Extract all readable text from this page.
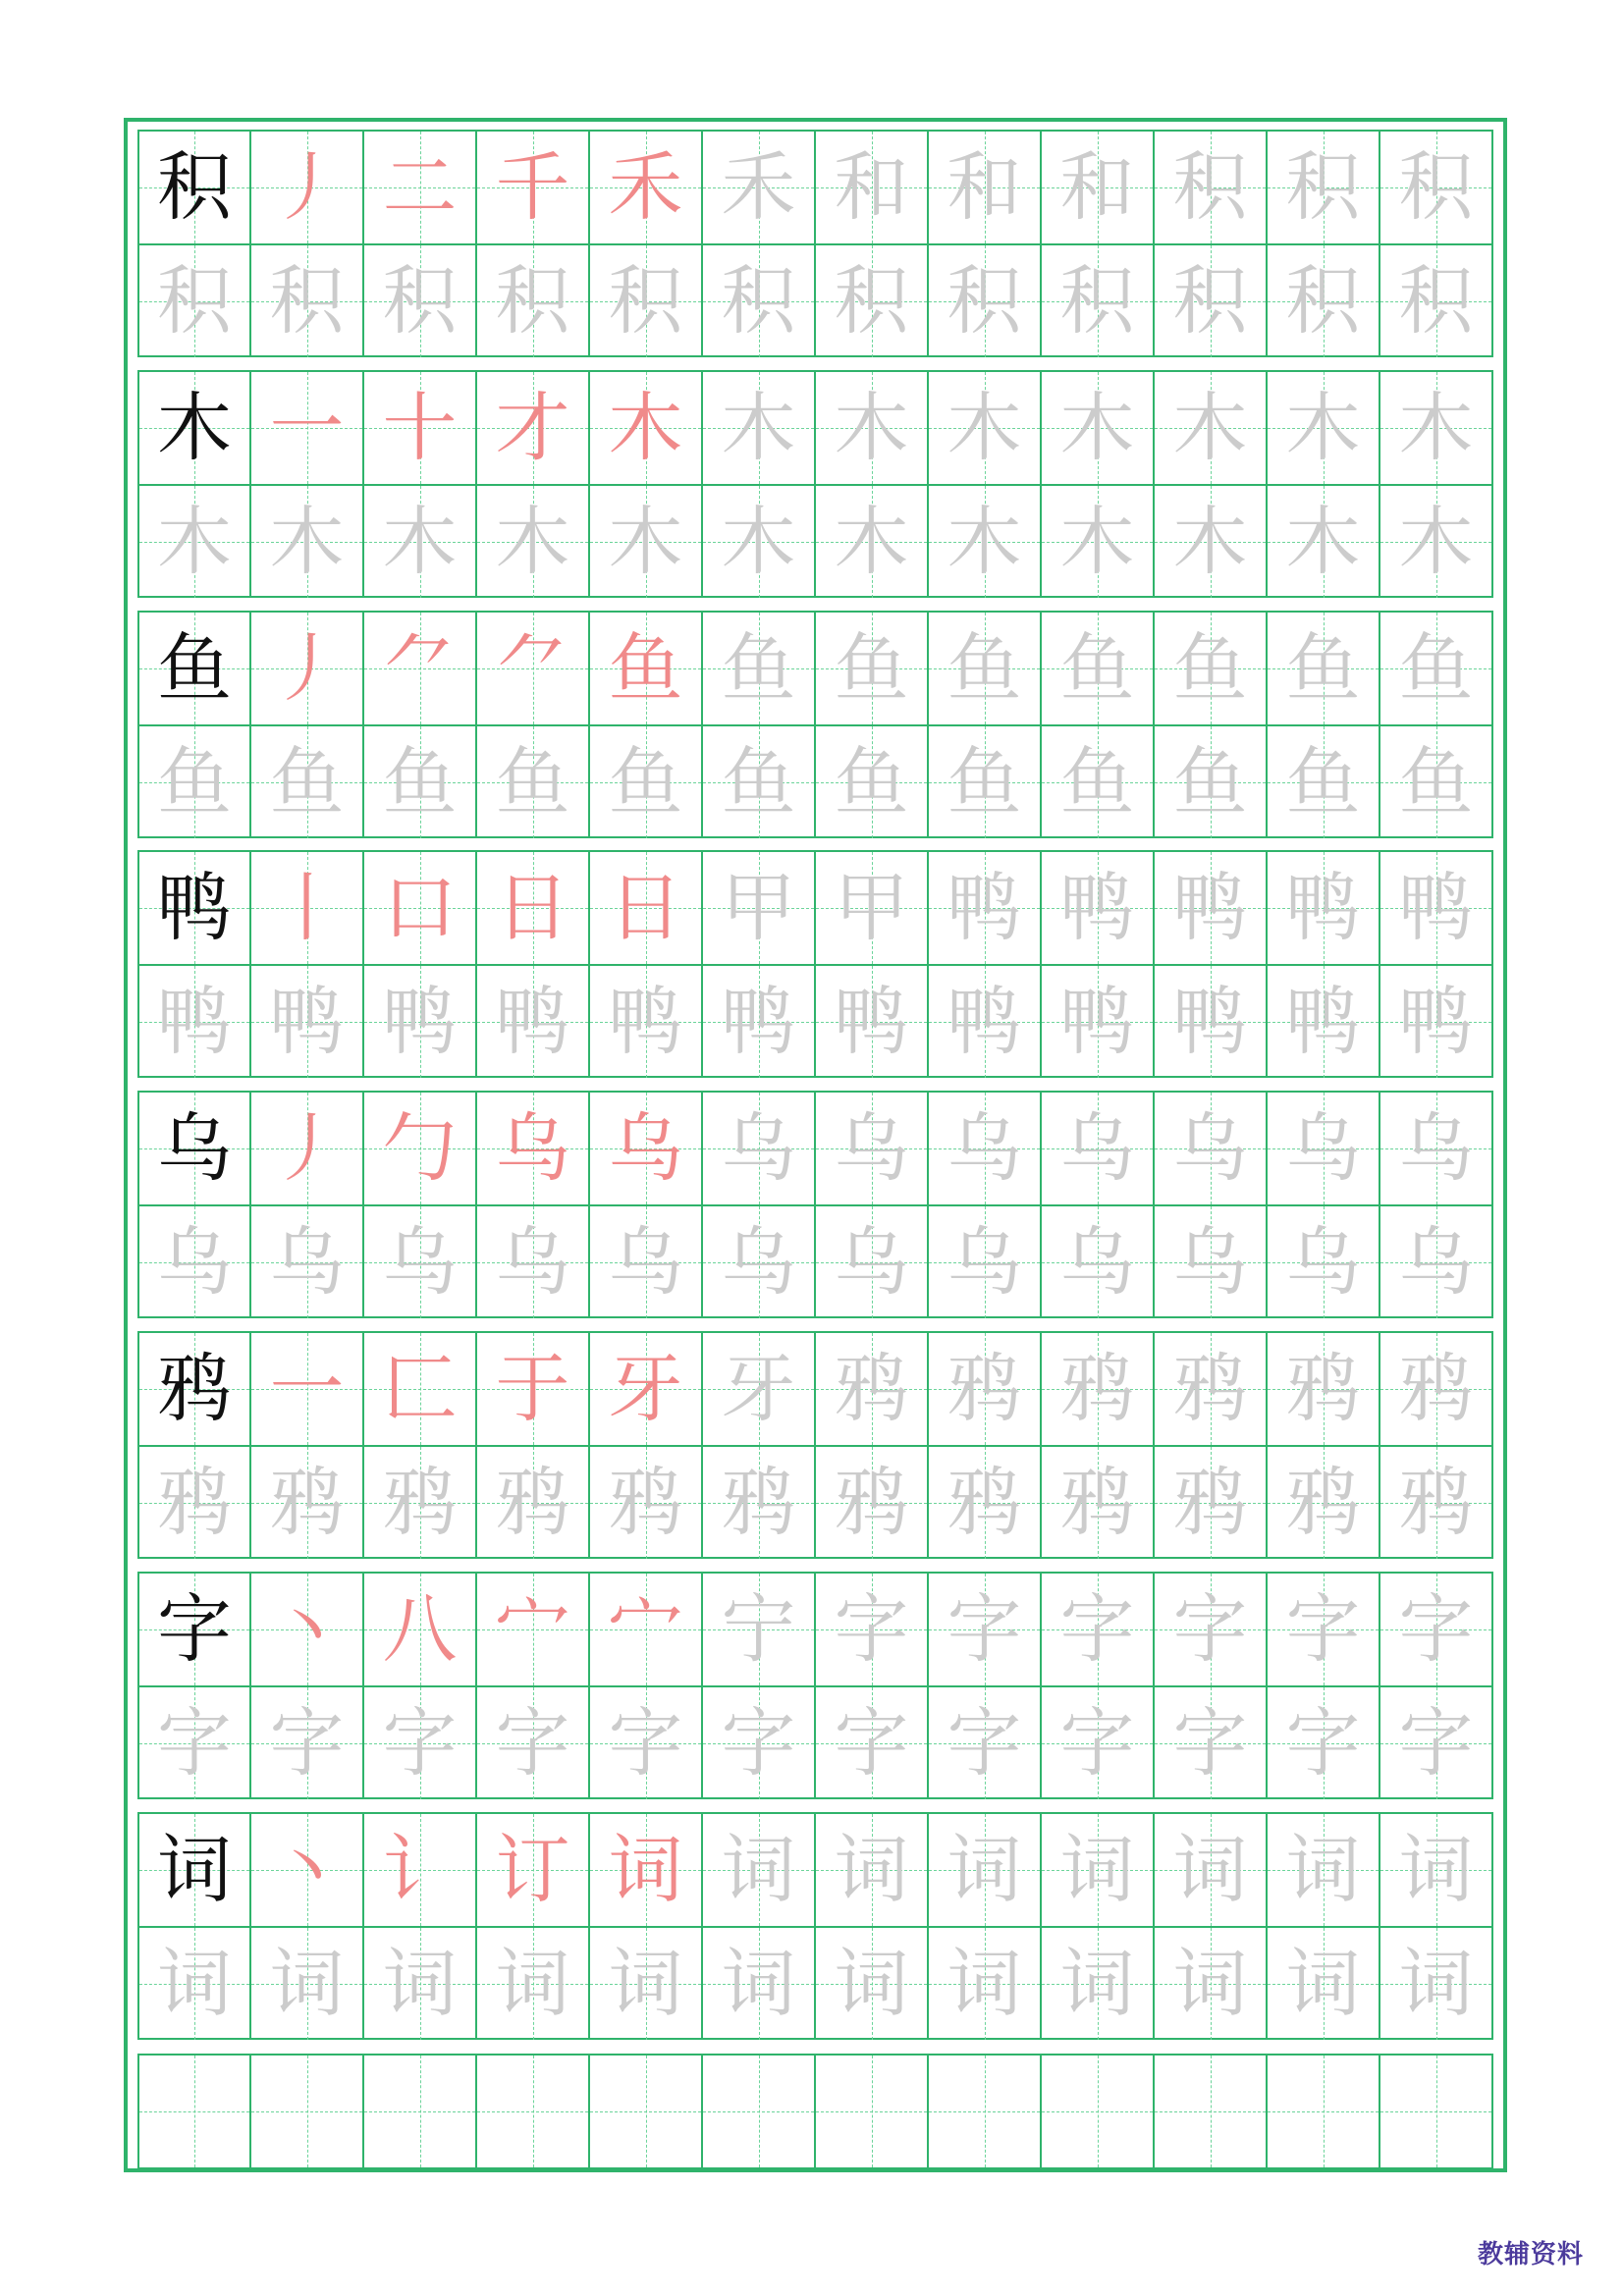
积 丿 二 千 禾 禾 和 和 和 积 积 积
积 积 积 积 积 积 积 积 积 积 积 积
木 一 十 才 木 木 木 木 木 木 木 木
木 木 木 木 木 木 木 木 木 木 木 木
鱼 丿 ⺈ ⺈ 鱼 鱼 鱼 鱼 鱼 鱼 鱼 鱼
鱼 鱼 鱼 鱼 鱼 鱼 鱼 鱼 鱼 鱼 鱼 鱼
鸭 丨 口 日 日 甲 甲 鸭 鸭 鸭 鸭 鸭
鸭 鸭 鸭 鸭 鸭 鸭 鸭 鸭 鸭 鸭 鸭 鸭
乌 丿 勹 乌 乌 乌 乌 乌 乌 乌 乌 乌
乌 乌 乌 乌 乌 乌 乌 乌 乌 乌 乌 乌
鸦 一 匚 于 牙 牙 鸦 鸦 鸦 鸦 鸦 鸦
鸦 鸦 鸦 鸦 鸦 鸦 鸦 鸦 鸦 鸦 鸦 鸦
字 丶 八 宀 宀 宁 字 字 字 字 字 字
字 字 字 字 字 字 字 字 字 字 字 字
词 丶 讠 订 词 词 词 词 词 词 词 词
词 词 词 词 词 词 词 词 词 词 词 词
教辅资料
